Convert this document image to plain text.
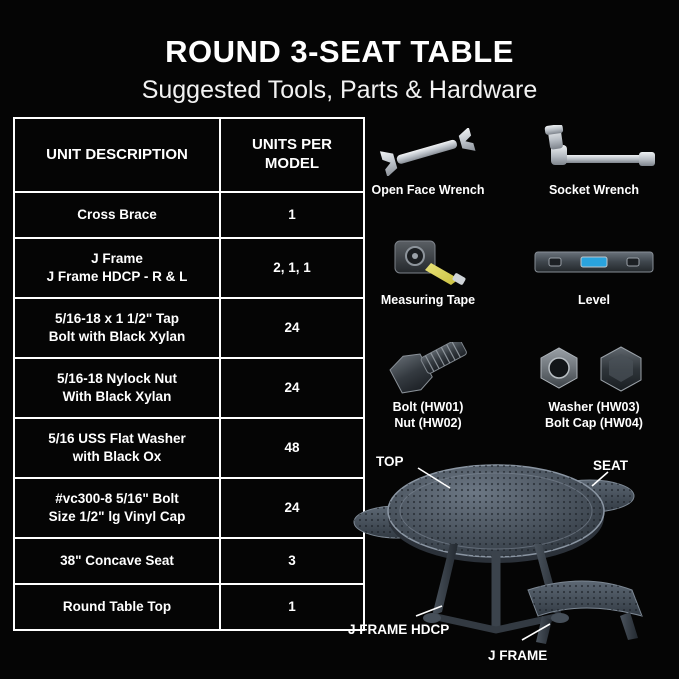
ROUND 3-SEAT TABLE
Suggested Tools, Parts & Hardware
UNIT DESCRIPTION	UNITS PER MODEL
Cross Brace	1
J Frame
J Frame HDCP - R & L	2, 1, 1
5/16-18 x 1 1/2" Tap
Bolt with Black Xylan	24
5/16-18 Nylock Nut
With Black Xylan	24
5/16 USS Flat Washer
with Black Ox	48
#vc300-8 5/16" Bolt
Size 1/2" lg Vinyl Cap	24
38" Concave Seat	3
Round Table Top	1
Open Face Wrench	Socket Wrench
Measuring Tape	Level
Bolt (HW01)
Nut (HW02)
Washer (HW03)
Bolt Cap (HW04)
TOP	SEAT
J FRAME HDCP
J FRAME
